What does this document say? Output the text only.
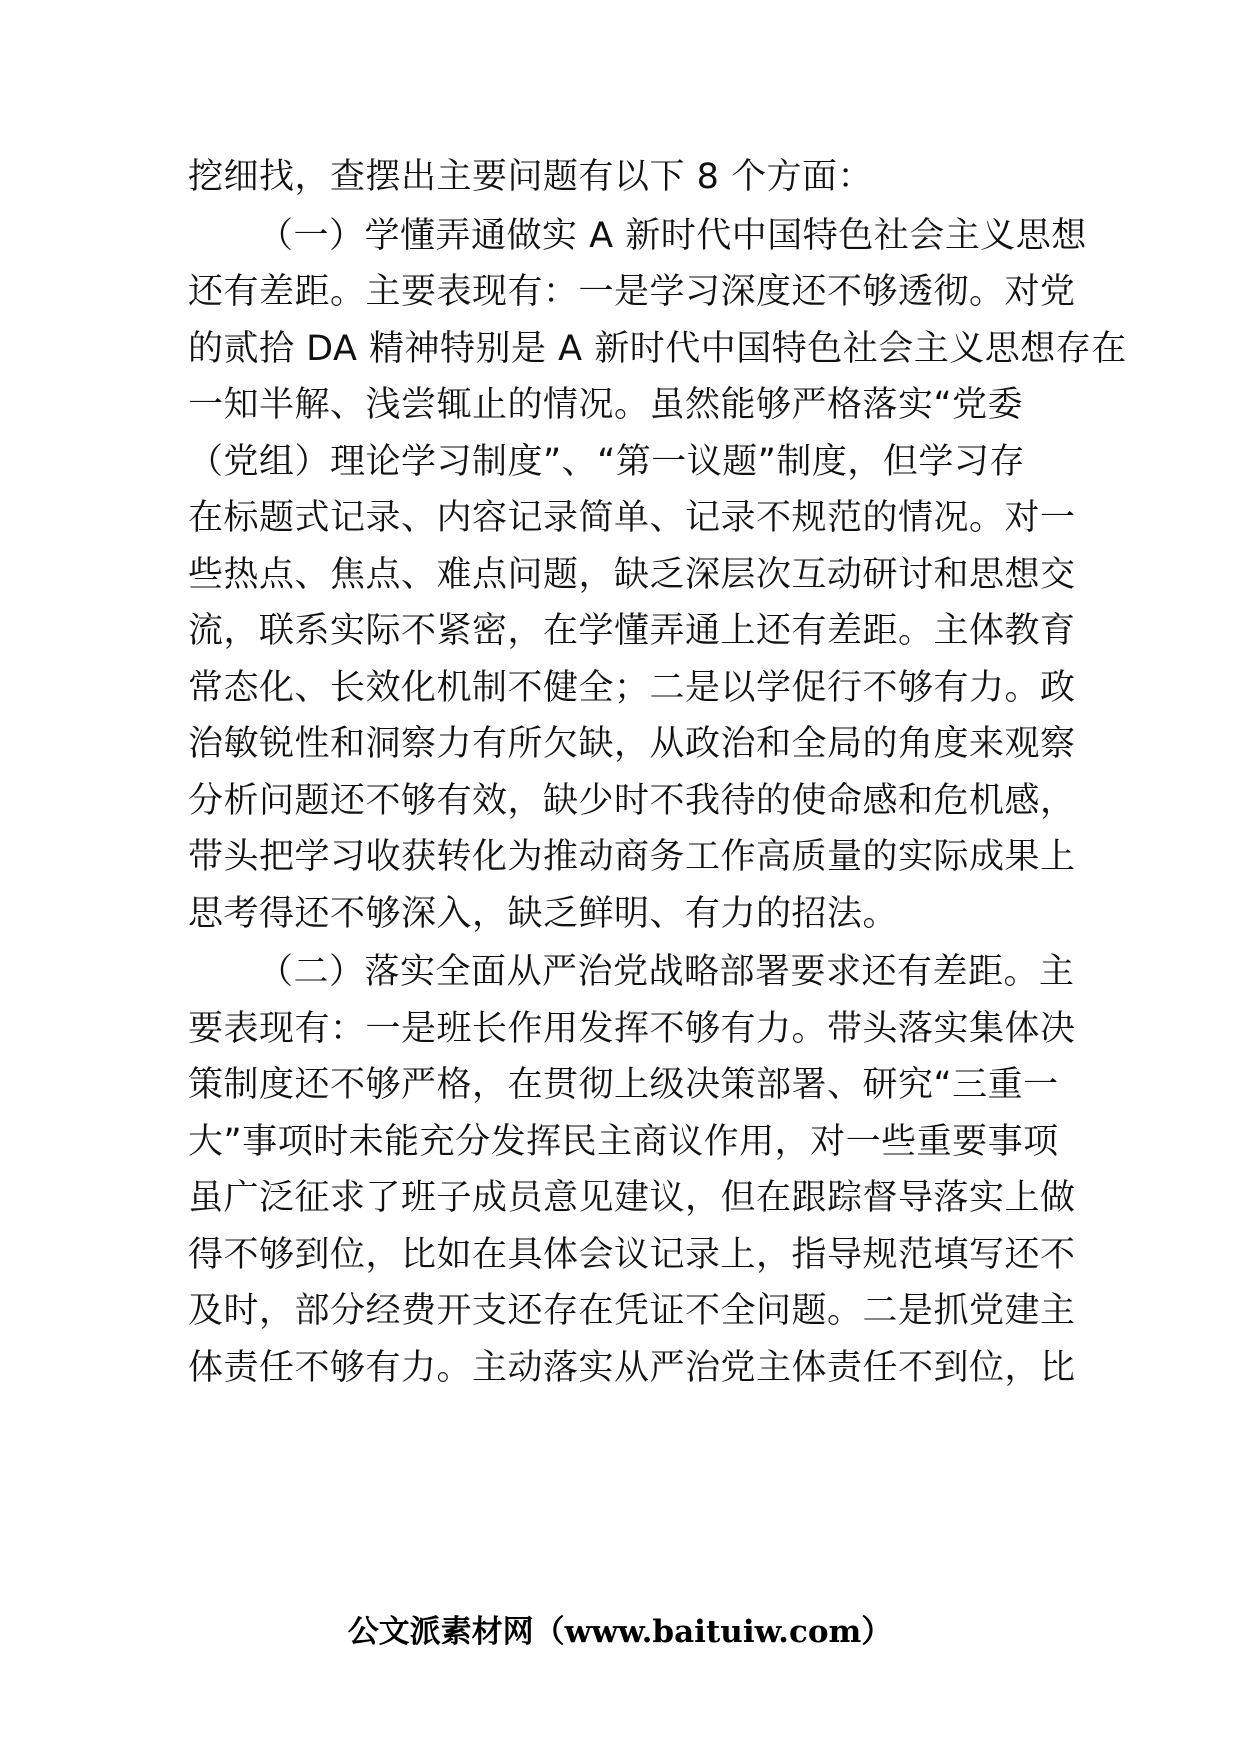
挖细找，查摆出主要问题有以下 8 个方面：
（一）学懂弄通做实 A 新时代中国特色社会主义思想
还有差距。主要表现有：一是学习深度还不够透彻。对党
的贰拾 DA 精神特别是 A 新时代中国特色社会主义思想存在
一知半解、浅尝辄止的情况。虽然能够严格落实“党委
（党组）理论学习制度”、“第一议题”制度，但学习存
在标题式记录、内容记录简单、记录不规范的情况。对一
些热点、焦点、难点问题，缺乏深层次互动研讨和思想交
流，联系实际不紧密，在学懂弄通上还有差距。主体教育
常态化、长效化机制不健全；二是以学促行不够有力。政
治敏锐性和洞察力有所欠缺，从政治和全局的角度来观察
分析问题还不够有效，缺少时不我待的使命感和危机感，
带头把学习收获转化为推动商务工作高质量的实际成果上
思考得还不够深入，缺乏鲜明、有力的招法。
（二）落实全面从严治党战略部署要求还有差距。主
要表现有：一是班长作用发挥不够有力。带头落实集体决
策制度还不够严格，在贯彻上级决策部署、研究“三重一
大”事项时未能充分发挥民主商议作用，对一些重要事项
虽广泛征求了班子成员意见建议，但在跟踪督导落实上做
得不够到位，比如在具体会议记录上，指导规范填写还不
及时，部分经费开支还存在凭证不全问题。二是抓党建主
体责任不够有力。主动落实从严治党主体责任不到位，比
公文派素材网（www.baituiw.com）
